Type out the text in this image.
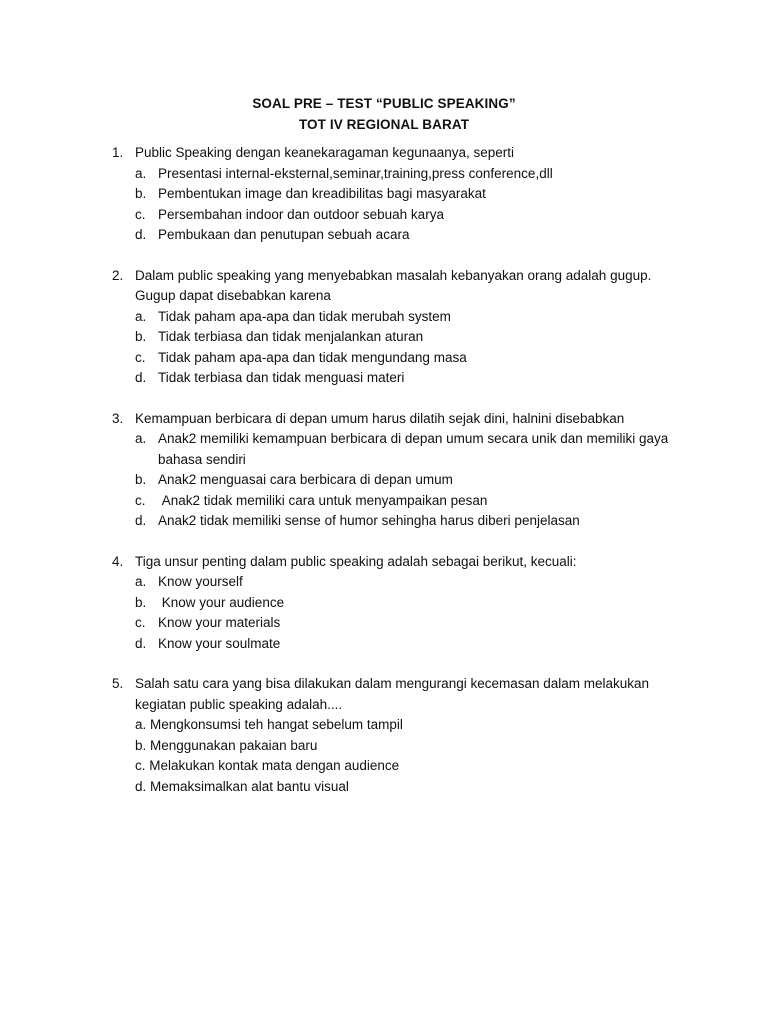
SOAL PRE – TEST “PUBLIC SPEAKING”
TOT IV REGIONAL BARAT
1. Public Speaking dengan keanekaragaman kegunaanya, seperti
a. Presentasi internal-eksternal,seminar,training,press conference,dll
b. Pembentukan image dan kreadibilitas bagi masyarakat
c. Persembahan indoor dan outdoor sebuah karya
d. Pembukaan dan penutupan sebuah acara
2. Dalam public speaking yang menyebabkan masalah kebanyakan orang adalah gugup. Gugup dapat disebabkan karena
a. Tidak paham apa-apa dan tidak merubah system
b. Tidak terbiasa dan tidak menjalankan aturan
c. Tidak paham apa-apa dan tidak mengundang masa
d. Tidak terbiasa dan tidak menguasi materi
3. Kemampuan berbicara di depan umum harus dilatih sejak dini, halnini disebabkan
a. Anak2 memiliki kemampuan berbicara di depan umum secara unik dan memiliki gaya bahasa sendiri
b. Anak2 menguasai cara berbicara di depan umum
c. Anak2 tidak memiliki cara untuk menyampaikan pesan
d. Anak2 tidak memiliki sense of humor sehingha harus diberi penjelasan
4. Tiga unsur penting dalam public speaking adalah sebagai berikut, kecuali:
a. Know yourself
b. Know your audience
c. Know your materials
d. Know your soulmate
5. Salah satu cara yang bisa dilakukan dalam mengurangi kecemasan dalam melakukan kegiatan public speaking adalah....
a. Mengkonsumsi teh hangat sebelum tampil
b. Menggunakan pakaian baru
c. Melakukan kontak mata dengan audience
d. Memaksimalkan alat bantu visual
